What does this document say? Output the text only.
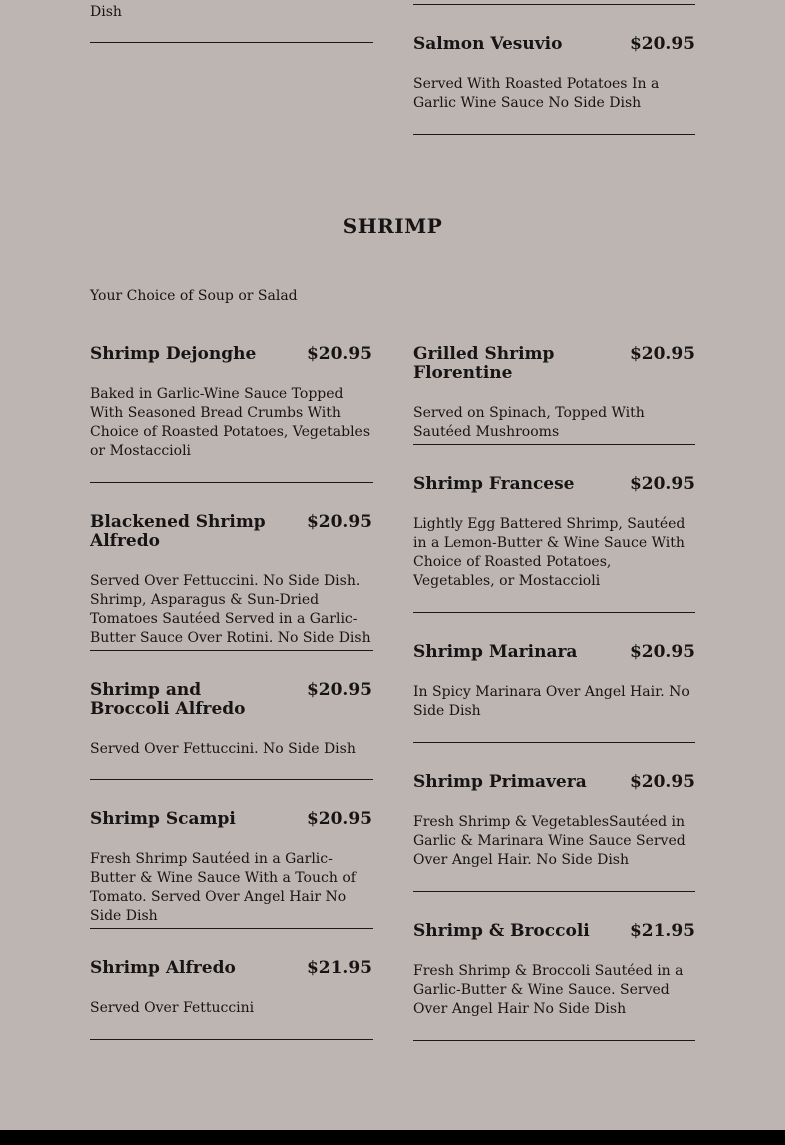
Dish
Salmon Vesuvio	$20.95
Served With Roasted Potatoes In a Garlic Wine Sauce No Side Dish
SHRIMP
Your Choice of Soup or Salad
Shrimp Dejonghe	$20.95
Baked in Garlic-Wine Sauce Topped With Seasoned Bread Crumbs With Choice of Roasted Potatoes, Vegetables or Mostaccioli
Blackened Shrimp Alfredo
$20.95
Served Over Fettuccini. No Side Dish. Shrimp, Asparagus & Sun-Dried Tomatoes Sautéed Served in a Garlic-Butter Sauce Over Rotini. No Side Dish
Shrimp and Broccoli Alfredo
$20.95
Served Over Fettuccini. No Side Dish
Shrimp Scampi	$20.95
Fresh Shrimp Sautéed in a Garlic-Butter & Wine Sauce With a Touch of Tomato. Served Over Angel Hair No Side Dish
Shrimp Alfredo	$21.95
Served Over Fettuccini
Grilled Shrimp Florentine
$20.95
Served on Spinach, Topped With Sautéed Mushrooms
Shrimp Francese	$20.95
Lightly Egg Battered Shrimp, Sautéed in a Lemon-Butter & Wine Sauce With Choice of Roasted Potatoes, Vegetables, or Mostaccioli
Shrimp Marinara	$20.95
In Spicy Marinara Over Angel Hair. No Side Dish
Shrimp Primavera	$20.95
Fresh Shrimp & VegetablesSautéed in Garlic & Marinara Wine Sauce Served Over Angel Hair. No Side Dish
Shrimp & Broccoli $21.95
Fresh Shrimp & Broccoli Sautéed in a Garlic-Butter & Wine Sauce. Served Over Angel Hair No Side Dish
